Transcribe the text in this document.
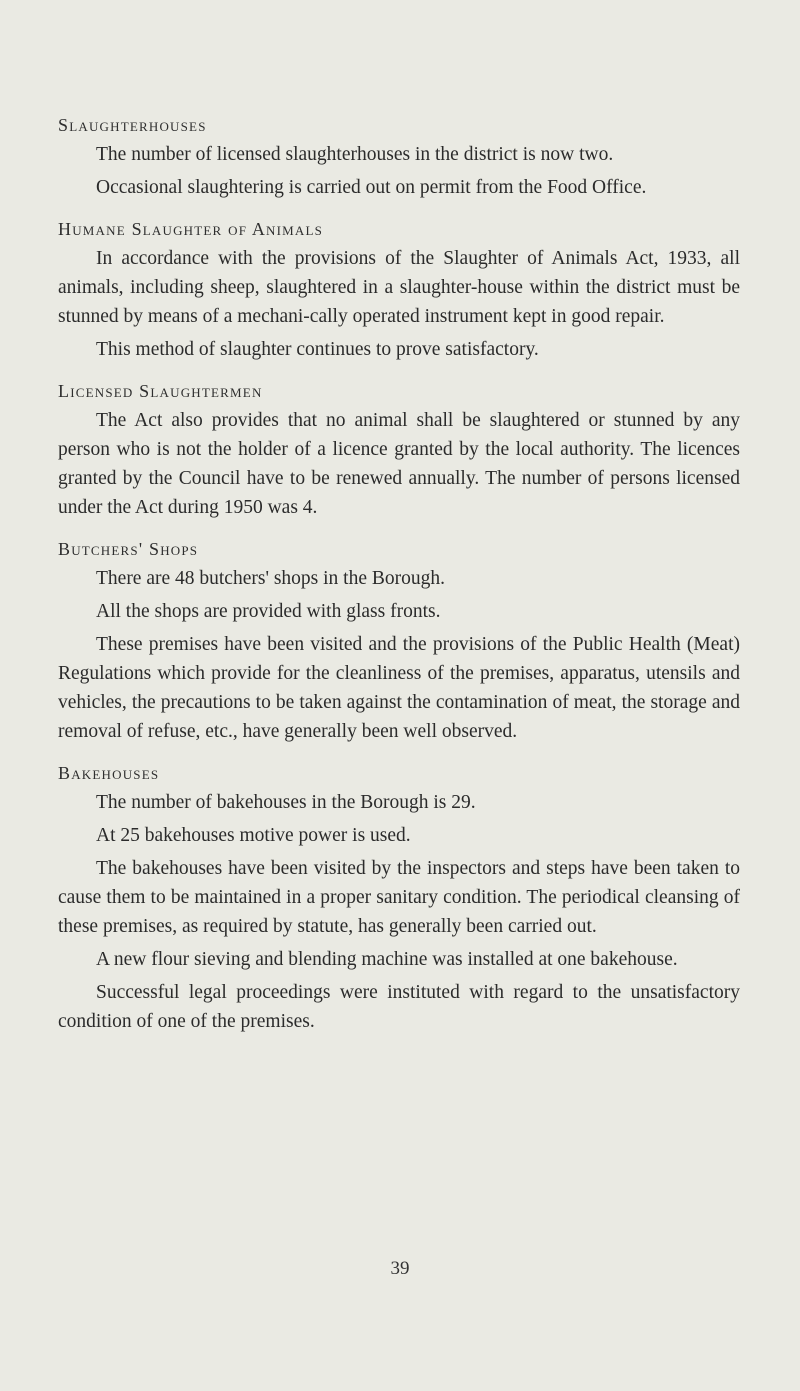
Slaughterhouses

The number of licensed slaughterhouses in the district is now two.

Occasional slaughtering is carried out on permit from the Food Office.

Humane Slaughter of Animals

In accordance with the provisions of the Slaughter of Animals Act, 1933, all animals, including sheep, slaughtered in a slaughter-house within the district must be stunned by means of a mechani-cally operated instrument kept in good repair.

This method of slaughter continues to prove satisfactory.

Licensed Slaughtermen

The Act also provides that no animal shall be slaughtered or stunned by any person who is not the holder of a licence granted by the local authority. The licences granted by the Council have to be renewed annually. The number of persons licensed under the Act during 1950 was 4.

Butchers' Shops

There are 48 butchers' shops in the Borough.

All the shops are provided with glass fronts.

These premises have been visited and the provisions of the Public Health (Meat) Regulations which provide for the cleanliness of the premises, apparatus, utensils and vehicles, the precautions to be taken against the contamination of meat, the storage and removal of refuse, etc., have generally been well observed.

Bakehouses

The number of bakehouses in the Borough is 29.

At 25 bakehouses motive power is used.

The bakehouses have been visited by the inspectors and steps have been taken to cause them to be maintained in a proper sanitary condition. The periodical cleansing of these premises, as required by statute, has generally been carried out.

A new flour sieving and blending machine was installed at one bakehouse.

Successful legal proceedings were instituted with regard to the unsatisfactory condition of one of the premises.

39
